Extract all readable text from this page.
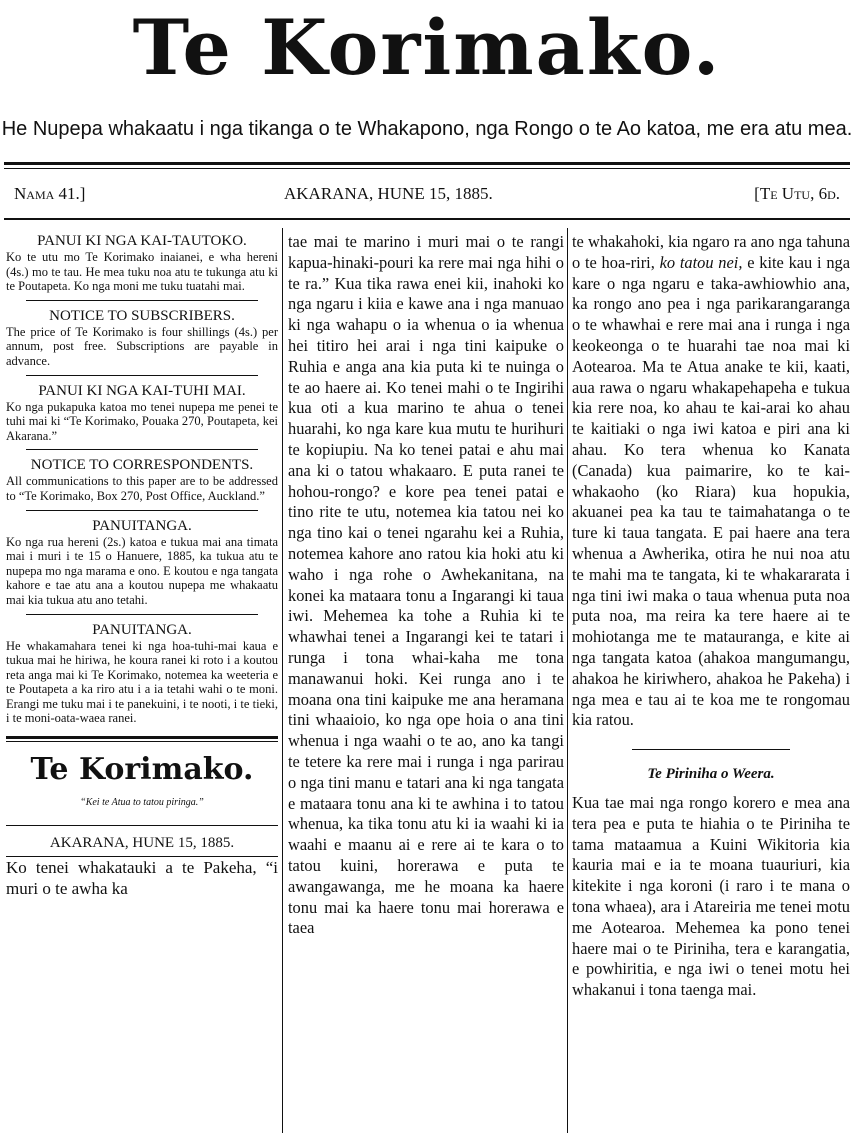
Te Korimako.
He Nupepa whakaatu i nga tikanga o te Whakapono, nga Rongo o te Ao katoa, me era atu mea.
Nama 41.]	AKARANA, HUNE 15, 1885.	[Te Utu, 6d.
PANUI KI NGA KAI-TAUTOKO.

Ko te utu mo Te Korimako inaianei, e wha hereni (4s.) mo te tau. He mea tuku noa atu te tukunga atu ki te Poutapeta. Ko nga moni me tuku tuatahi mai.

NOTICE TO SUBSCRIBERS.

The price of Te Korimako is four shillings (4s.) per annum, post free. Subscriptions are payable in advance.

PANUI KI NGA KAI-TUHI MAI.

Ko nga pukapuka katoa mo tenei nupepa me penei te tuhi mai ki “Te Korimako, Pouaka 270, Poutapeta, kei Akarana.”

NOTICE TO CORRESPONDENTS.

All communications to this paper are to be addressed to “Te Korimako, Box 270, Post Office, Auckland.”

PANUITANGA.

Ko nga rua hereni (2s.) katoa e tukua mai ana timata mai i muri i te 15 o Hanuere, 1885, ka tukua atu te nupepa mo nga marama e ono. E koutou e nga tangata kahore e tae atu ana a koutou nupepa me whakaatu mai kia tukua atu ano tetahi.

PANUITANGA.

He whakamahara tenei ki nga hoa-tuhi-mai kaua e tukua mai he hiriwa, he koura ranei ki roto i a koutou reta anga mai ki Te Korimako, notemea ka weeteria e te Poutapeta a ka riro atu i a ia tetahi wahi o te moni. Erangi me tuku mai i te panekuini, i te nooti, i te tieki, i te moni-oata-waea ranei.

Te Korimako.
“Kei te Atua to tatou piringa.”
AKARANA, HUNE 15, 1885.

Ko tenei whakatauki a te Pakeha, “i muri o te awha ka

tae mai te marino i muri mai o te rangi kapua-hinaki-pouri ka rere mai nga hihi o te ra.” Kua tika rawa enei kii, inahoki ko nga ngaru i kiia e kawe ana i nga manuao ki nga wahapu o ia whenua o ia whenua hei titiro hei arai i nga tini kaipuke o Ruhia e anga ana kia puta ki te nuinga o te ao haere ai. Ko tenei mahi o te Ingirihi kua oti a kua marino te ahua o tenei huarahi, ko nga kare kua mutu te hurihuri te kopiupiu. Na ko tenei patai e ahu mai ana ki o tatou whakaaro. E puta ranei te hohou-rongo? e kore pea tenei patai e tino rite te utu, notemea kia tatou nei ko nga tino kai o tenei ngarahu kei a Ruhia, notemea kahore ano ratou kia hoki atu ki waho i nga rohe o Awhekanitana, na konei ka mataara tonu a Ingarangi ki taua iwi. Mehemea ka tohe a Ruhia ki te whawhai tenei a Ingarangi kei te tatari i runga i tona whai-kaha me tona manawanui hoki. Kei runga ano i te moana ona tini kaipuke me ana heramana tini whaaioio, ko nga ope hoia o ana tini whenua i nga waahi o te ao, ano ka tangi te tetere ka rere mai i runga i nga parirau o nga tini manu e tatari ana ki nga tangata e mataara tonu ana ki te awhina i to tatou whenua, ka tika tonu atu ki ia waahi ki ia waahi e maanu ai e rere ai te kara o to tatou kuini, horerawa e puta te awangawanga, me he moana ka haere tonu mai ka haere tonu mai horerawa e taea

te whakahoki, kia ngaro ra ano nga tahuna o te hoa-riri, ko tatou nei, e kite kau i nga kare o nga ngaru e taka-awhiowhio ana, ka rongo ano pea i nga parikarangaranga o te whawhai e rere mai ana i runga i nga keokeonga o te huarahi tae noa mai ki Aotearoa. Ma te Atua anake te kii, kaati, aua rawa o ngaru whakapehapeha e tukua kia rere noa, ko ahau te kai-arai ko ahau te kaitiaki o nga iwi katoa e piri ana ki ahau. Ko tera whenua ko Kanata (Canada) kua paimarire, ko te kai-whakaoho (ko Riara) kua hopukia, akuanei pea ka tau te taimahatanga o te ture ki taua tangata. E pai haere ana tera whenua a Awherika, otira he nui noa atu te mahi ma te tangata, ki te whakararata i nga tini iwi maka o taua whenua puta noa puta noa, ma reira ka tere haere ai te mohiotanga me te matauranga, e kite ai nga tangata katoa (ahakoa mangumangu, ahakoa he kiriwhero, ahakoa he Pakeha) i nga mea e tau ai te koa me te rongomau kia ratou.

Te Piriniha o Weera.

Kua tae mai nga rongo korero e mea ana tera pea e puta te hiahia o te Piriniha te tama mataamua a Kuini Wikitoria kia kauria mai e ia te moana tuauriuri, kia kitekite i nga koroni (i raro i te mana o tona whaea), ara i Atareiria me tenei motu me Aotearoa. Mehemea ka pono tenei haere mai o te Piriniha, tera e karangatia, e powhiritia, e nga iwi o tenei motu hei whakanui i tona taenga mai.
